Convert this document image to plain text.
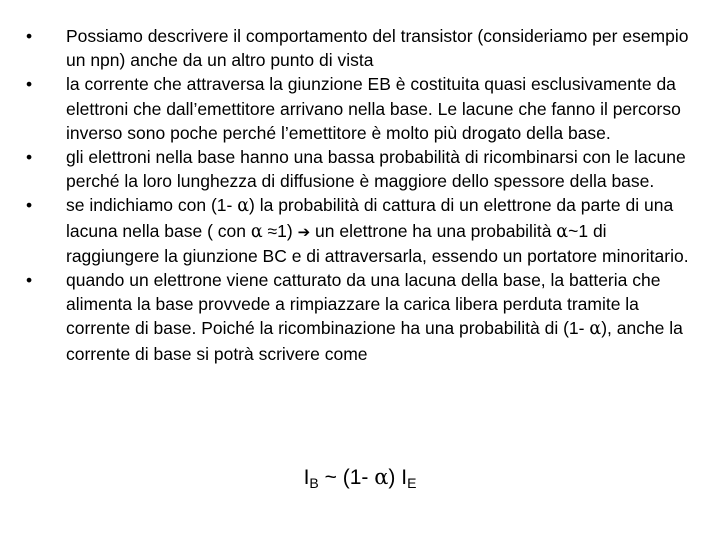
• Possiamo descrivere il comportamento del transistor (consideriamo per esempio un npn) anche da un altro punto di vista
• la corrente che attraversa la giunzione EB è costituita quasi esclusivamente da elettroni che dall’emettitore arrivano nella base. Le lacune che fanno il percorso inverso sono poche perché l’emettitore è molto più drogato della base.
• gli elettroni nella base hanno una bassa probabilità di ricombinarsi con le lacune perché la loro lunghezza di diffusione è maggiore dello spessore della base.
• se indichiamo con (1- α) la probabilità di cattura di un elettrone da parte di una lacuna nella base ( con α ≈1) ➔ un elettrone ha una probabilità α~1 di raggiungere la giunzione BC e di attraversarla, essendo un portatore minoritario.
• quando un elettrone viene catturato da una lacuna della base, la batteria che alimenta la base provvede a rimpiazzare la carica libera perduta tramite la corrente di base. Poiché la ricombinazione ha una probabilità di (1- α), anche la corrente di base si potrà scrivere come
$I_B$ ~ (1- α) $I_E$
